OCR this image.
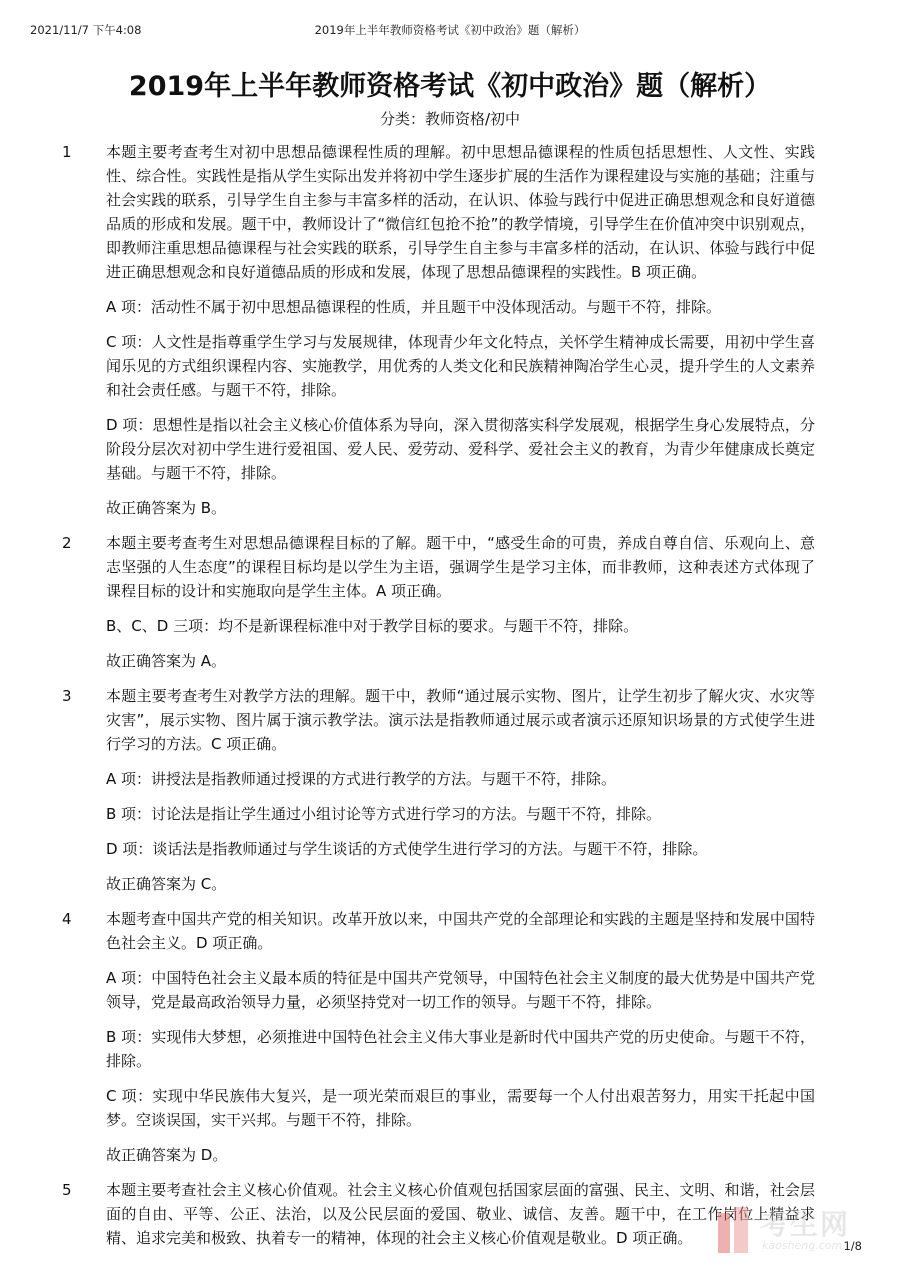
2021/11/7 下午4:08	2019年上半年教师资格考试《初中政治》题（解析）
2019年上半年教师资格考试《初中政治》题（解析）
分类：教师资格/初中
1 本题主要考查考生对初中思想品德课程性质的理解。初中思想品德课程的性质包括思想性、人文性、实践性、综合性。实践性是指从学生实际出发并将初中学生逐步扩展的生活作为课程建设与实施的基础；注重与社会实践的联系，引导学生自主参与丰富多样的活动，在认识、体验与践行中促进正确思想观念和良好道德品质的形成和发展。题干中，教师设计了“微信红包抢不抢”的教学情境，引导学生在价值冲突中识别观点，即教师注重思想品德课程与社会实践的联系，引导学生自主参与丰富多样的活动，在认识、体验与践行中促进正确思想观念和良好道德品质的形成和发展，体现了思想品德课程的实践性。B 项正确。

A 项：活动性不属于初中思想品德课程的性质，并且题干中没体现活动。与题干不符，排除。

C 项：人文性是指尊重学生学习与发展规律，体现青少年文化特点，关怀学生精神成长需要，用初中学生喜闻乐见的方式组织课程内容、实施教学，用优秀的人类文化和民族精神陶冶学生心灵，提升学生的人文素养和社会责任感。与题干不符，排除。

D 项：思想性是指以社会主义核心价值体系为导向，深入贯彻落实科学发展观，根据学生身心发展特点，分阶段分层次对初中学生进行爱祖国、爱人民、爱劳动、爱科学、爱社会主义的教育，为青少年健康成长奠定基础。与题干不符，排除。

故正确答案为 B。

2 本题主要考查考生对思想品德课程目标的了解。题干中，“感受生命的可贵，养成自尊自信、乐观向上、意志坚强的人生态度”的课程目标均是以学生为主语，强调学生是学习主体，而非教师，这种表述方式体现了课程目标的设计和实施取向是学生主体。A 项正确。

B、C、D 三项：均不是新课程标准中对于教学目标的要求。与题干不符，排除。

故正确答案为 A。

3 本题主要考查考生对教学方法的理解。题干中，教师“通过展示实物、图片，让学生初步了解火灾、水灾等灾害”，展示实物、图片属于演示教学法。演示法是指教师通过展示或者演示还原知识场景的方式使学生进行学习的方法。C 项正确。

A 项：讲授法是指教师通过授课的方式进行教学的方法。与题干不符，排除。

B 项：讨论法是指让学生通过小组讨论等方式进行学习的方法。与题干不符，排除。

D 项：谈话法是指教师通过与学生谈话的方式使学生进行学习的方法。与题干不符，排除。

故正确答案为 C。

4 本题考查中国共产党的相关知识。改革开放以来，中国共产党的全部理论和实践的主题是坚持和发展中国特色社会主义。D 项正确。

A 项：中国特色社会主义最本质的特征是中国共产党领导，中国特色社会主义制度的最大优势是中国共产党领导，党是最高政治领导力量，必须坚持党对一切工作的领导。与题干不符，排除。

B 项：实现伟大梦想，必须推进中国特色社会主义伟大事业是新时代中国共产党的历史使命。与题干不符，排除。

C 项：实现中华民族伟大复兴，是一项光荣而艰巨的事业，需要每一个人付出艰苦努力，用实干托起中国梦。空谈误国，实干兴邦。与题干不符，排除。

故正确答案为 D。

5 本题主要考查社会主义核心价值观。社会主义核心价值观包括国家层面的富强、民主、文明、和谐，社会层面的自由、平等、公正、法治，以及公民层面的爱国、敬业、诚信、友善。题干中，在工作岗位上精益求精、追求完美和极致、执着专一的精神，体现的社会主义核心价值观是敬业。D 项正确。	考生网
kaosheng.com 1/8
